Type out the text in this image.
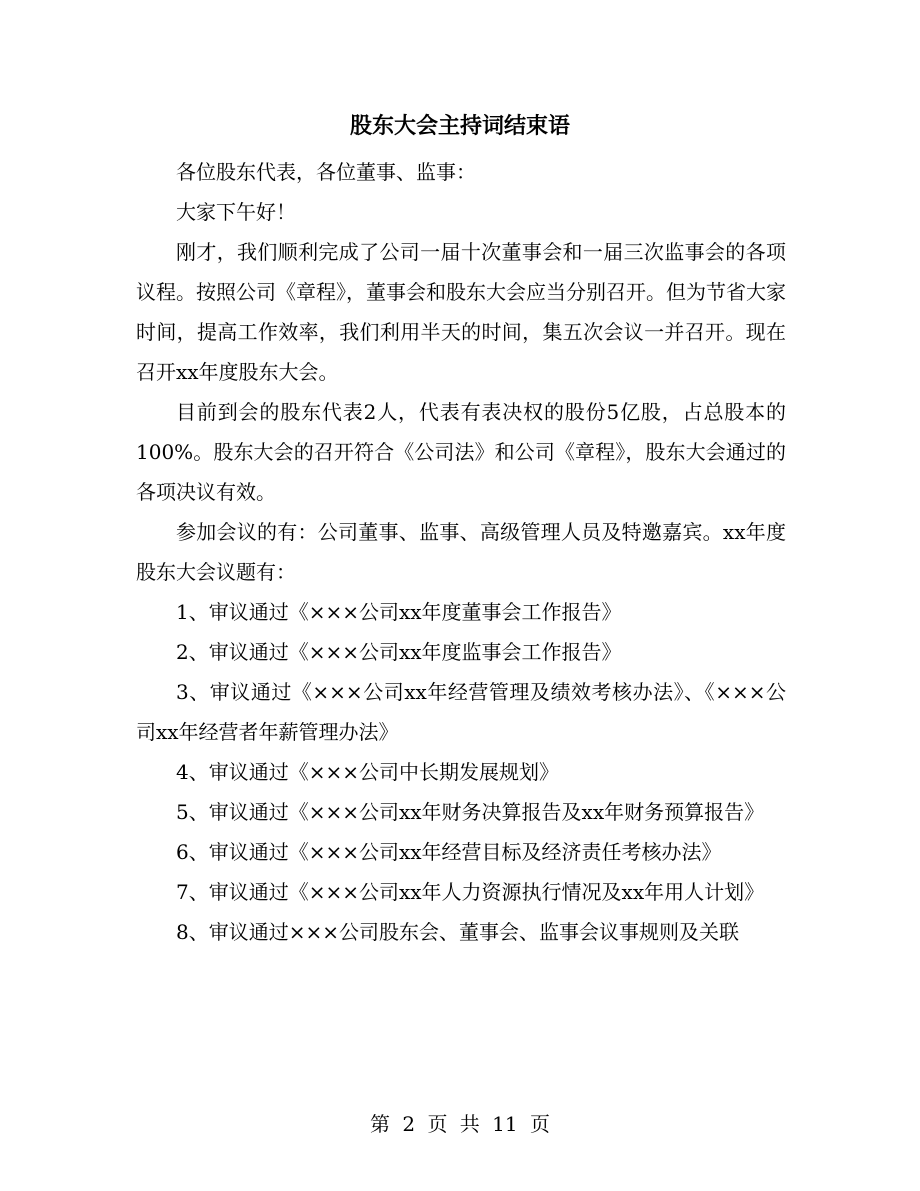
股东大会主持词结束语

各位股东代表，各位董事、监事：

大家下午好！

刚才，我们顺利完成了公司一届十次董事会和一届三次监事会的各项议程。按照公司《章程》，董事会和股东大会应当分别召开。但为节省大家时间，提高工作效率，我们利用半天的时间，集五次会议一并召开。现在召开xx年度股东大会。

目前到会的股东代表2人，代表有表决权的股份5亿股，占总股本的100%。股东大会的召开符合《公司法》和公司《章程》，股东大会通过的各项决议有效。

参加会议的有：公司董事、监事、高级管理人员及特邀嘉宾。xx年度股东大会议题有：

1、审议通过《×××公司xx年度董事会工作报告》

2、审议通过《×××公司xx年度监事会工作报告》

3、审议通过《×××公司xx年经营管理及绩效考核办法》、《×××公司xx年经营者年薪管理办法》

4、审议通过《×××公司中长期发展规划》

5、审议通过《×××公司xx年财务决算报告及xx年财务预算报告》

6、审议通过《×××公司xx年经营目标及经济责任考核办法》

7、审议通过《×××公司xx年人力资源执行情况及xx年用人计划》

8、审议通过×××公司股东会、董事会、监事会议事规则及关联

第 2 页 共 11 页
